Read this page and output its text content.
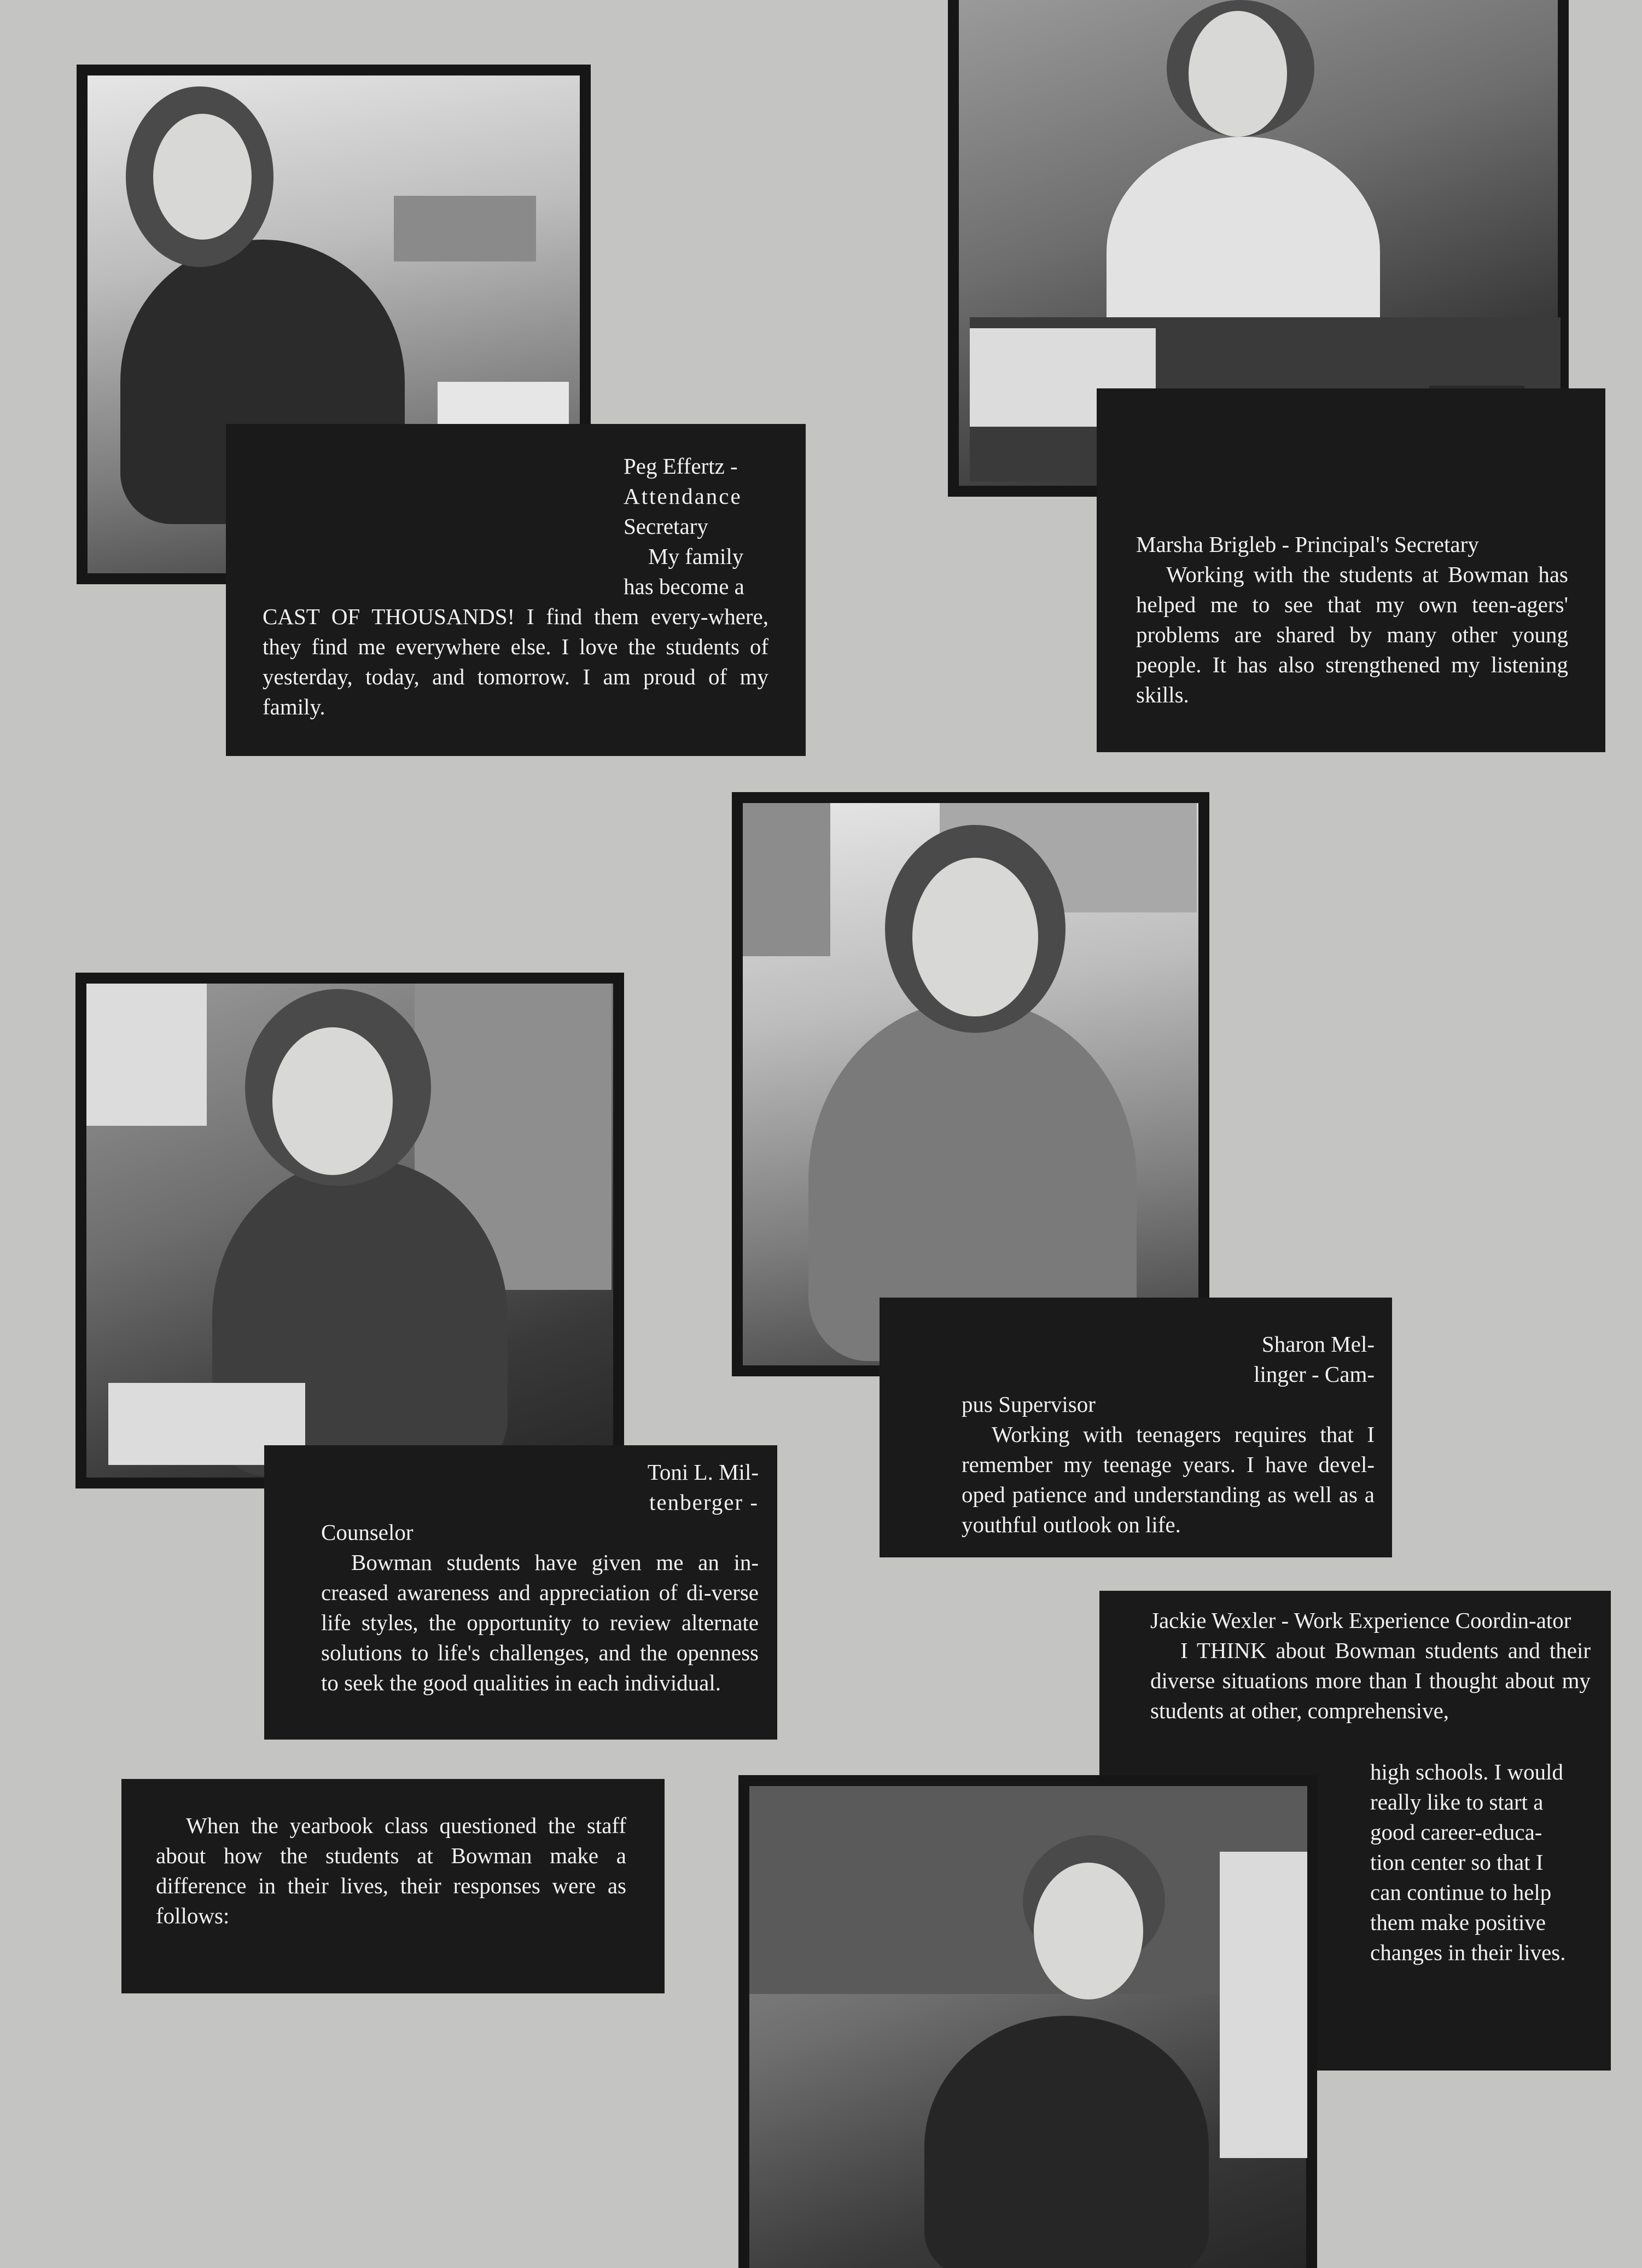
Peg Effertz -

Attendance

Secretary

My family

has become a

CAST OF THOUSANDS! I find them every-where, they find me everywhere else. I love the students of yesterday, today, and tomorrow. I am proud of my family.

Marsha Brigleb - Principal's Secretary

Working with the students at Bowman has helped me to see that my own teen-agers' problems are shared by many other young people. It has also strengthened my listening skills.

Sharon Mel-

linger - Cam-

pus Supervisor

Working with teenagers requires that I remember my teenage years. I have devel-oped patience and understanding as well as a youthful outlook on life.

Toni L. Mil-

tenberger -

Counselor

Bowman students have given me an in-creased awareness and appreciation of di-verse life styles, the opportunity to review alternate solutions to life's challenges, and the openness to seek the good qualities in each individual.

When the yearbook class questioned the staff about how the students at Bowman make a difference in their lives, their responses were as follows:

Jackie Wexler - Work Experience Coordin-ator

I THINK about Bowman students and their diverse situations more than I thought about my students at other, comprehensive,

high schools. I would

really like to start a

good career-educa-

tion center so that I

can continue to help

them make positive

changes in their lives.
